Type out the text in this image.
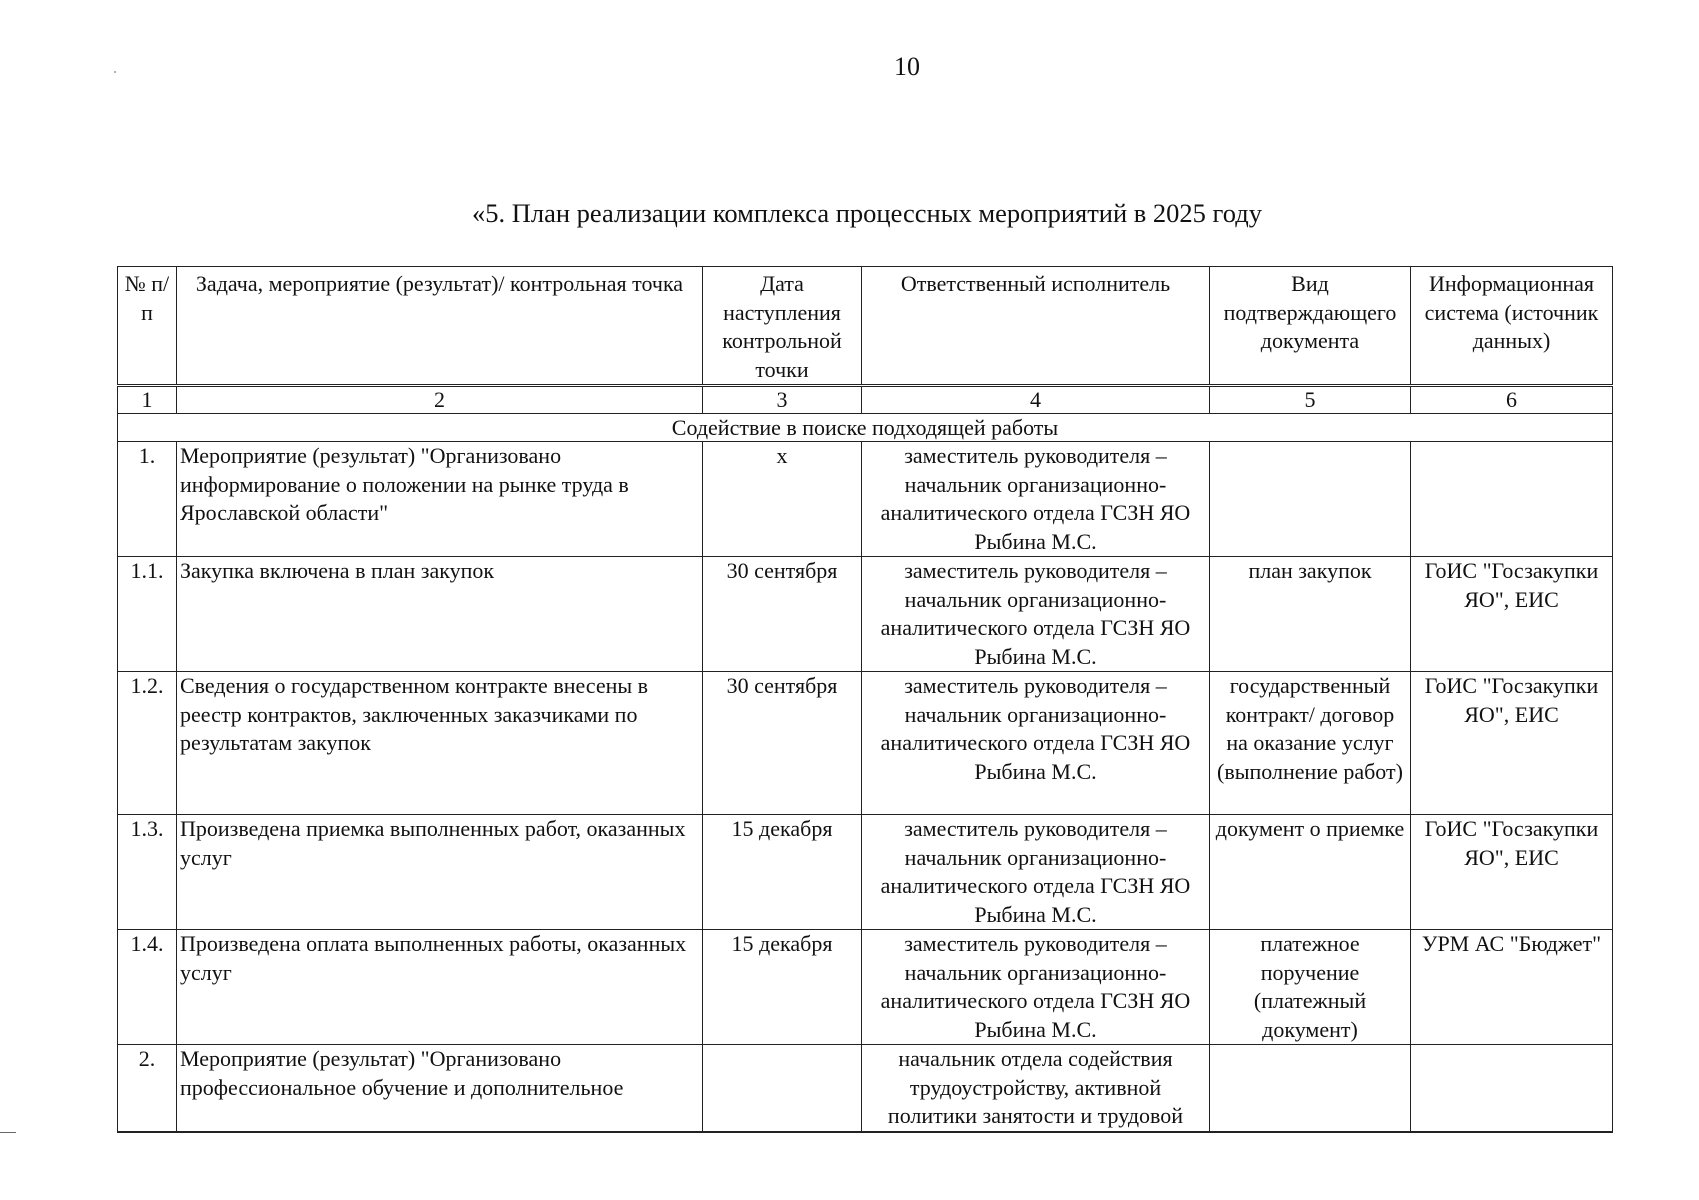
10
«5. План реализации комплекса процессных мероприятий в 2025 году
№ п/п	Задача, мероприятие (результат)/ контрольная точка	Дата наступления контрольной точки	Ответственный исполнитель	Вид подтверждающего документа	Информационная система (источник данных)
1	2	3	4	5	6
Содействие в поиске подходящей работы					
1.	Мероприятие (результат) "Организовано информирование о положении на рынке труда в Ярославской области"	х	заместитель руководителя – начальник организационно-аналитического отдела ГСЗН ЯО Рыбина М.С.		
1.1.	Закупка включена в план закупок	30 сентября	заместитель руководителя – начальник организационно-аналитического отдела ГСЗН ЯО Рыбина М.С.	план закупок	ГоИС "Госзакупки ЯО", ЕИС
1.2.	Сведения о государственном контракте внесены в реестр контрактов, заключенных заказчиками по результатам закупок	30 сентября	заместитель руководителя – начальник организационно-аналитического отдела ГСЗН ЯО Рыбина М.С.	государственный контракт/ договор на оказание услуг (выполнение работ)	ГоИС "Госзакупки ЯО", ЕИС
1.3.	Произведена приемка выполненных работ, оказанных услуг	15 декабря	заместитель руководителя – начальник организационно-аналитического отдела ГСЗН ЯО Рыбина М.С.	документ о приемке	ГоИС "Госзакупки ЯО", ЕИС
1.4.	Произведена оплата выполненных работы, оказанных услуг	15 декабря	заместитель руководителя – начальник организационно-аналитического отдела ГСЗН ЯО Рыбина М.С.	платежное поручение (платежный документ)	УРМ АС "Бюджет"
2.	Мероприятие (результат) "Организовано профессиональное обучение и дополнительное		начальник отдела содействия трудоустройству, активной политики занятости и трудовой		
